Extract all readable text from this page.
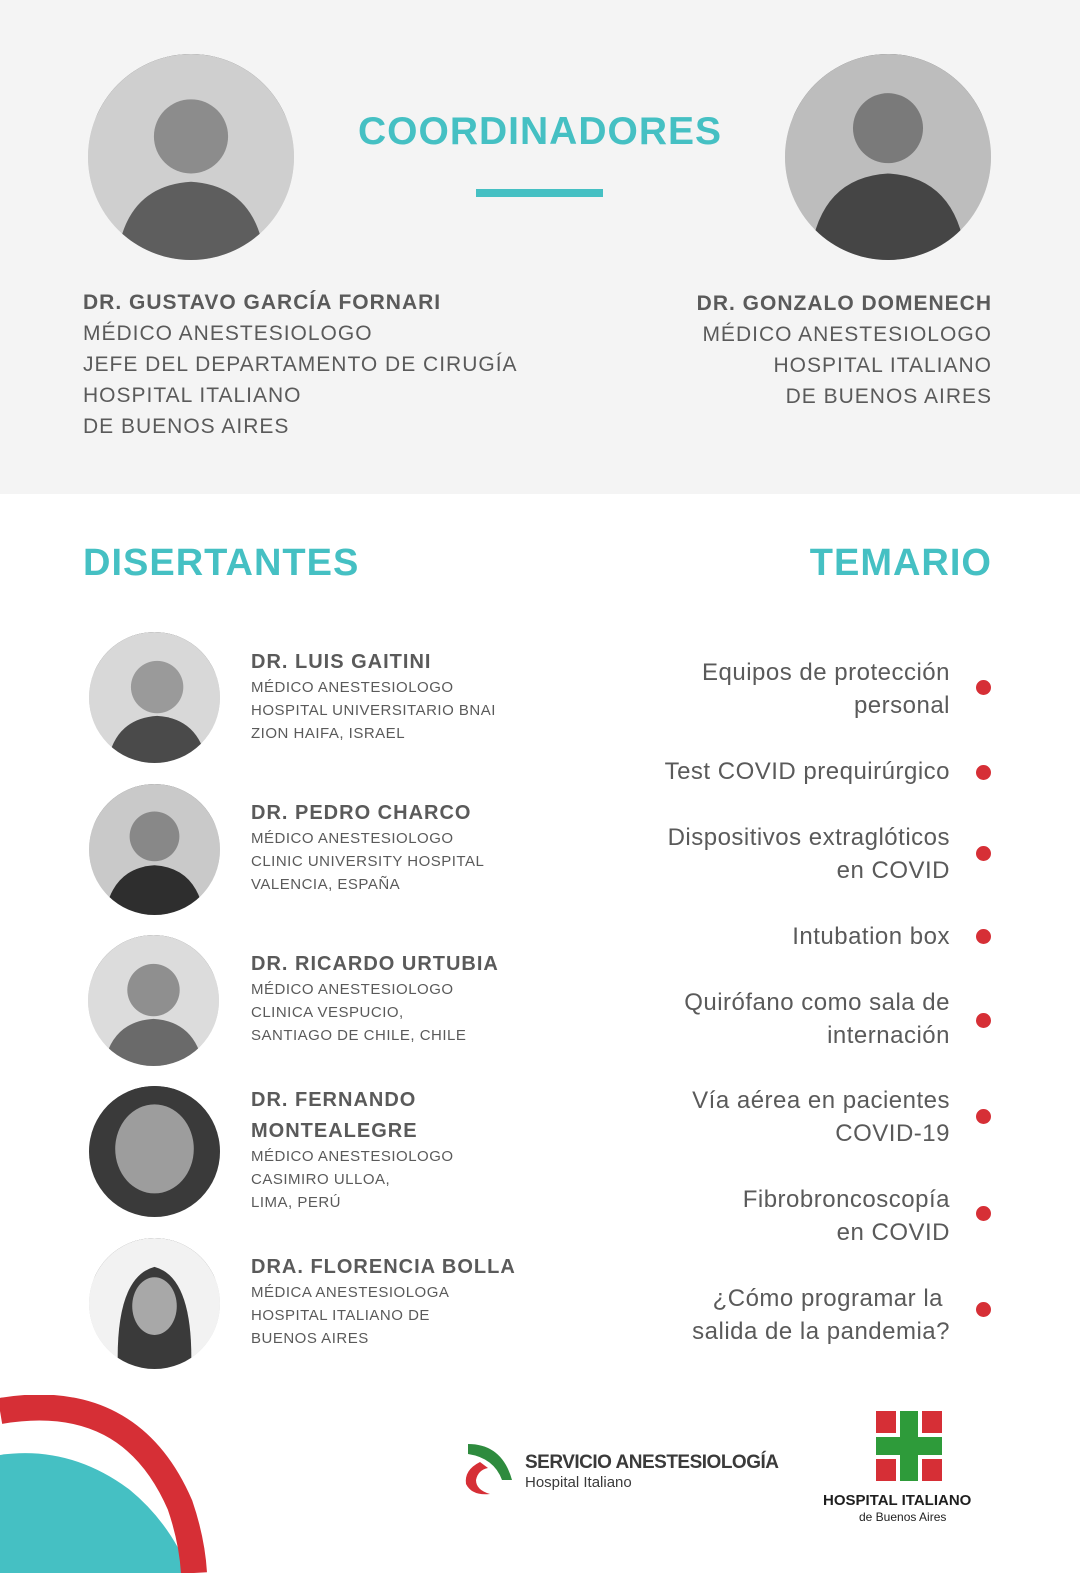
COORDINADORES
DR. GUSTAVO GARCÍA FORNARI
MÉDICO ANESTESIOLOGO
JEFE DEL DEPARTAMENTO DE CIRUGÍA
HOSPITAL ITALIANO
DE BUENOS AIRES
DR. GONZALO DOMENECH
MÉDICO ANESTESIOLOGO
HOSPITAL ITALIANO
DE BUENOS AIRES
DISERTANTES	TEMARIO
DR. LUIS GAITINI
MÉDICO ANESTESIOLOGO
HOSPITAL UNIVERSITARIO BNAI
ZION HAIFA, ISRAEL
DR. PEDRO CHARCO
MÉDICO ANESTESIOLOGO
CLINIC UNIVERSITY HOSPITAL
VALENCIA, ESPAÑA
DR. RICARDO URTUBIA
MÉDICO ANESTESIOLOGO
CLINICA VESPUCIO,
SANTIAGO DE CHILE, CHILE
DR. FERNANDO MONTEALEGRE
MÉDICO ANESTESIOLOGO
CASIMIRO ULLOA,
LIMA, PERÚ
DRA. FLORENCIA BOLLA
MÉDICA ANESTESIOLOGA
HOSPITAL ITALIANO DE
BUENOS AIRES
Equipos de protección
personal
Test COVID prequirúrgico
Dispositivos extraglóticos
en COVID
Intubation box
Quirófano como sala de
internación
Vía aérea en pacientes
COVID-19
Fibrobroncoscopía
en COVID
¿Cómo programar la
salida de la pandemia?
SERVICIO ANESTESIOLOGÍA
Hospital Italiano
HOSPITAL ITALIANO
de Buenos Aires
